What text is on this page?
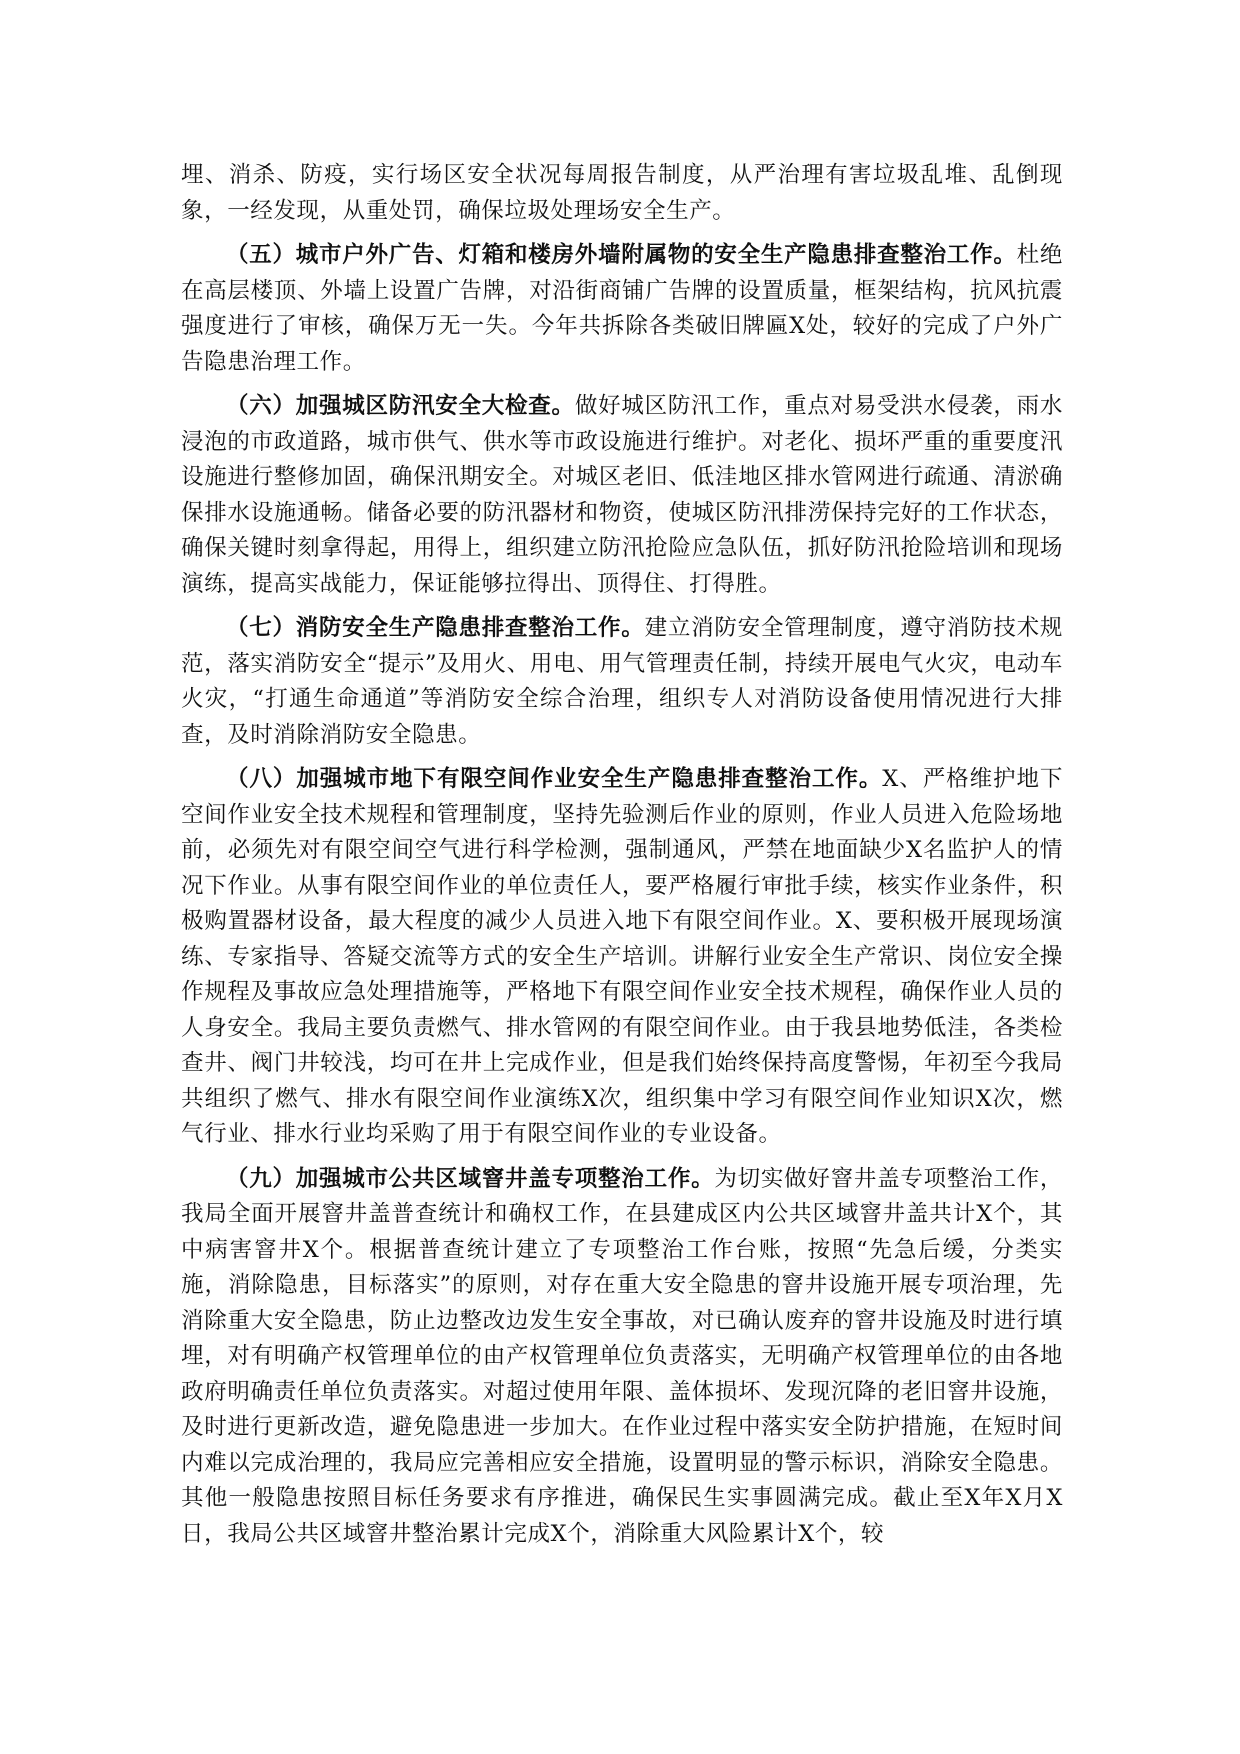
埋、消杀、防疫，实行场区安全状况每周报告制度，从严治理有害垃圾乱堆、乱倒现象，一经发现，从重处罚，确保垃圾处理场安全生产。

（五）城市户外广告、灯箱和楼房外墙附属物的安全生产隐患排查整治工作。杜绝在高层楼顶、外墙上设置广告牌，对沿街商铺广告牌的设置质量，框架结构，抗风抗震强度进行了审核，确保万无一失。今年共拆除各类破旧牌匾X处，较好的完成了户外广告隐患治理工作。

（六）加强城区防汛安全大检查。做好城区防汛工作，重点对易受洪水侵袭，雨水浸泡的市政道路，城市供气、供水等市政设施进行维护。对老化、损坏严重的重要度汛设施进行整修加固，确保汛期安全。对城区老旧、低洼地区排水管网进行疏通、清淤确保排水设施通畅。储备必要的防汛器材和物资，使城区防汛排涝保持完好的工作状态，确保关键时刻拿得起，用得上，组织建立防汛抢险应急队伍，抓好防汛抢险培训和现场演练，提高实战能力，保证能够拉得出、顶得住、打得胜。

（七）消防安全生产隐患排查整治工作。建立消防安全管理制度，遵守消防技术规范，落实消防安全“提示”及用火、用电、用气管理责任制，持续开展电气火灾，电动车火灾，“打通生命通道”等消防安全综合治理，组织专人对消防设备使用情况进行大排查，及时消除消防安全隐患。

（八）加强城市地下有限空间作业安全生产隐患排查整治工作。X、严格维护地下空间作业安全技术规程和管理制度，坚持先验测后作业的原则，作业人员进入危险场地前，必须先对有限空间空气进行科学检测，强制通风，严禁在地面缺少X名监护人的情况下作业。从事有限空间作业的单位责任人，要严格履行审批手续，核实作业条件，积极购置器材设备，最大程度的减少人员进入地下有限空间作业。X、要积极开展现场演练、专家指导、答疑交流等方式的安全生产培训。讲解行业安全生产常识、岗位安全操作规程及事故应急处理措施等，严格地下有限空间作业安全技术规程，确保作业人员的人身安全。我局主要负责燃气、排水管网的有限空间作业。由于我县地势低洼，各类检查井、阀门井较浅，均可在井上完成作业，但是我们始终保持高度警惕，年初至今我局共组织了燃气、排水有限空间作业演练X次，组织集中学习有限空间作业知识X次，燃气行业、排水行业均采购了用于有限空间作业的专业设备。

（九）加强城市公共区域窨井盖专项整治工作。为切实做好窨井盖专项整治工作，我局全面开展窨井盖普查统计和确权工作，在县建成区内公共区域窨井盖共计X个，其中病害窨井X个。根据普查统计建立了专项整治工作台账，按照“先急后缓，分类实施，消除隐患，目标落实”的原则，对存在重大安全隐患的窨井设施开展专项治理，先消除重大安全隐患，防止边整改边发生安全事故，对已确认废弃的窨井设施及时进行填埋，对有明确产权管理单位的由产权管理单位负责落实，无明确产权管理单位的由各地政府明确责任单位负责落实。对超过使用年限、盖体损坏、发现沉降的老旧窨井设施，及时进行更新改造，避免隐患进一步加大。在作业过程中落实安全防护措施，在短时间内难以完成治理的，我局应完善相应安全措施，设置明显的警示标识，消除安全隐患。其他一般隐患按照目标任务要求有序推进，确保民生实事圆满完成。截止至X年X月X日，我局公共区域窨井整治累计完成X个，消除重大风险累计X个，较
